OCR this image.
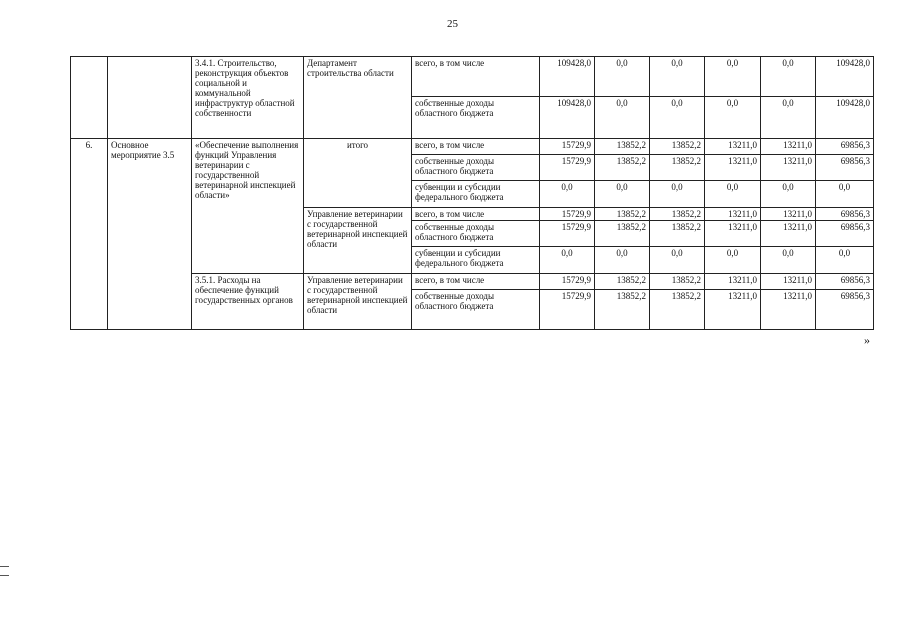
25
		3.4.1. Строительство, реконструкция объектов социальной и коммунальной инфраструктур областной собственности	Департамент строительства области	всего, в том числе	109428,0	0,0	0,0	0,0	0,0	109428,0
				собственные доходы областного бюджета	109428,0	0,0	0,0	0,0	0,0	109428,0
6.	Основное мероприятие 3.5	«Обеспечение выполнения функций Управления ветеринарии с государственной ветеринарной инспекцией области»	итого	всего, в том числе	15729,9	13852,2	13852,2	13211,0	13211,0	69856,3
				собственные доходы областного бюджета	15729,9	13852,2	13852,2	13211,0	13211,0	69856,3
				субвенции и субсидии федерального бюджета	0,0	0,0	0,0	0,0	0,0	0,0
			Управление ветеринарии с государственной ветеринарной инспекцией области	всего, в том числе	15729,9	13852,2	13852,2	13211,0	13211,0	69856,3
				собственные доходы областного бюджета	15729,9	13852,2	13852,2	13211,0	13211,0	69856,3
				субвенции и субсидии федерального бюджета	0,0	0,0	0,0	0,0	0,0	0,0
		3.5.1. Расходы на обеспечение функций государственных органов	Управление ветеринарии с государственной ветеринарной инспекцией области	всего, в том числе	15729,9	13852,2	13852,2	13211,0	13211,0	69856,3
				собственные доходы областного бюджета	15729,9	13852,2	13852,2	13211,0	13211,0	69856,3
»
